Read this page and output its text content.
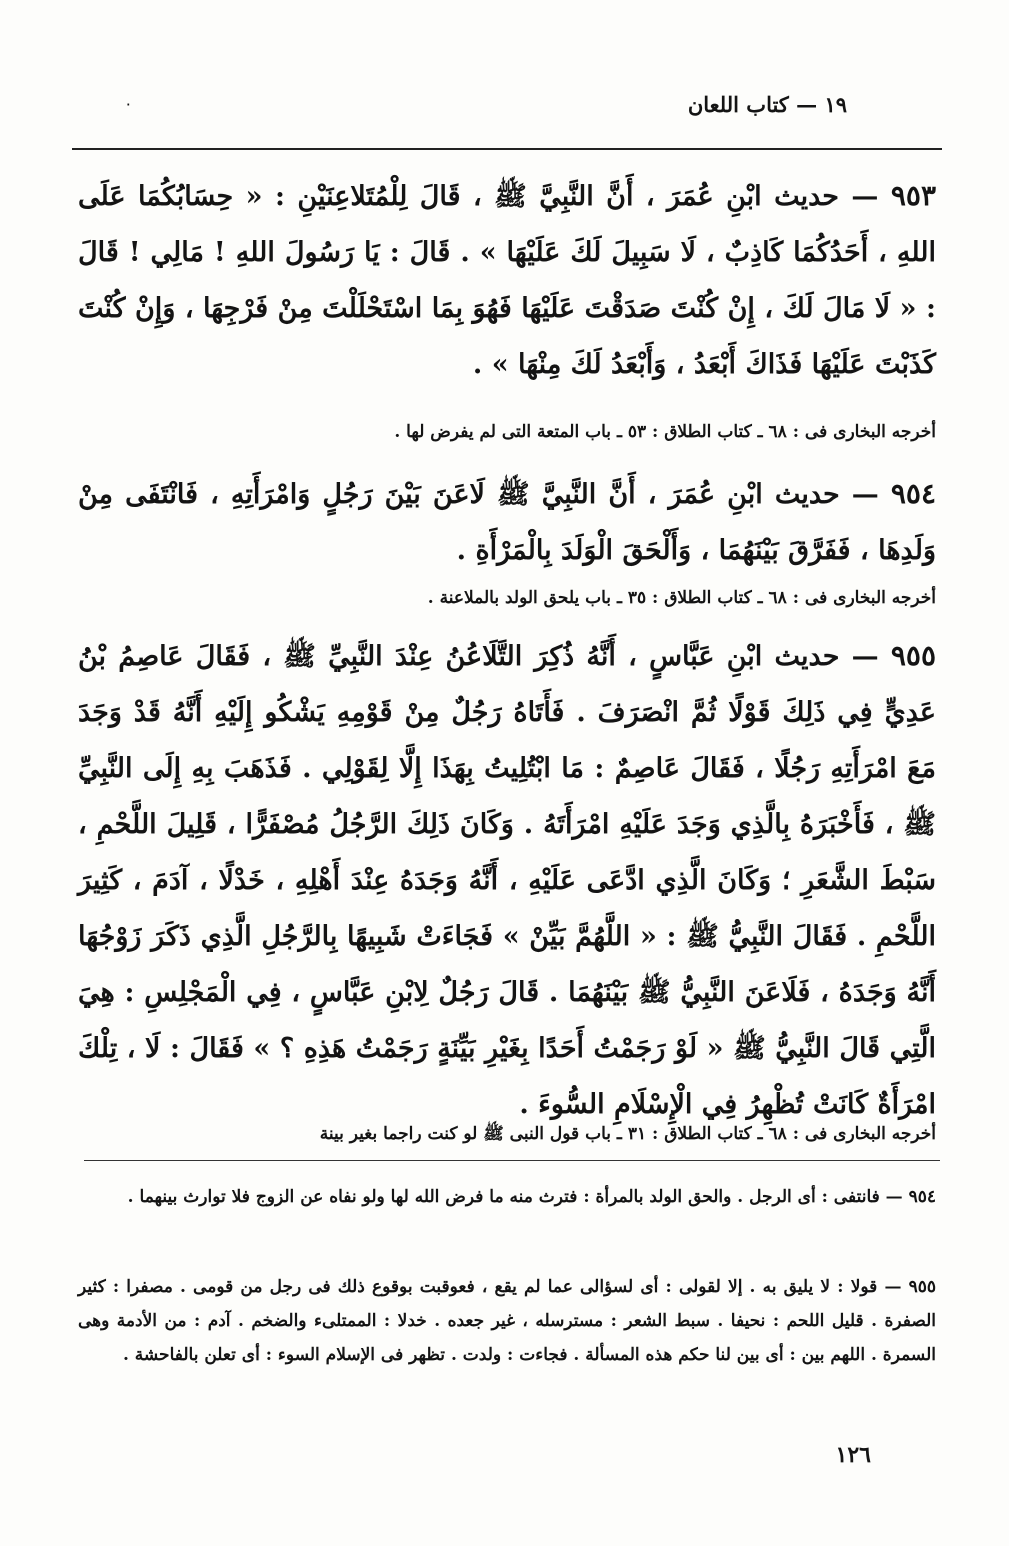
١٩ — كتاب اللعان
٠
٩٥٣ — حديث ابْنِ عُمَرَ ، أَنَّ النَّبِيَّ ﷺ ، قَالَ لِلْمُتَلاعِنَيْنِ : « حِسَابُكُمَا عَلَى اللهِ ، أَحَدُكُمَا كَاذِبٌ ، لَا سَبِيلَ لَكَ عَلَيْهَا » . قَالَ : يَا رَسُولَ اللهِ ! مَالِي ! قَالَ : « لَا مَالَ لَكَ ، إِنْ كُنْتَ صَدَقْتَ عَلَيْهَا فَهُوَ بِمَا اسْتَحْلَلْتَ مِنْ فَرْجِهَا ، وَإِنْ كُنْتَ كَذَبْتَ عَلَيْهَا فَذَاكَ أَبْعَدُ ، وَأَبْعَدُ لَكَ مِنْهَا » .
أخرجه البخارى فى : ٦٨ ـ كتاب الطلاق : ٥٣ ـ باب المتعة التى لم يفرض لها .
٩٥٤ — حديث ابْنِ عُمَرَ ، أَنَّ النَّبِيَّ ﷺ لَاعَنَ بَيْنَ رَجُلٍ وَامْرَأَتِهِ ، فَانْتَفَى مِنْ وَلَدِهَا ، فَفَرَّقَ بَيْنَهُمَا ، وَأَلْحَقَ الْوَلَدَ بِالْمَرْأَةِ .
أخرجه البخارى فى : ٦٨ ـ كتاب الطلاق : ٣٥ ـ باب يلحق الولد بالملاعنة .
٩٥٥ — حديث ابْنِ عَبَّاسٍ ، أَنَّهُ ذُكِرَ التَّلَاعُنُ عِنْدَ النَّبِيِّ ﷺ ، فَقَالَ عَاصِمُ بْنُ عَدِيٍّ فِي ذَلِكَ قَوْلًا ثُمَّ انْصَرَفَ . فَأَتَاهُ رَجُلٌ مِنْ قَوْمِهِ يَشْكُو إِلَيْهِ أَنَّهُ قَدْ وَجَدَ مَعَ امْرَأَتِهِ رَجُلًا ، فَقَالَ عَاصِمٌ : مَا ابْتُلِيتُ بِهَذَا إِلَّا لِقَوْلِي . فَذَهَبَ بِهِ إِلَى النَّبِيِّ ﷺ ، فَأَخْبَرَهُ بِالَّذِي وَجَدَ عَلَيْهِ امْرَأَتَهُ . وَكَانَ ذَلِكَ الرَّجُلُ مُصْفَرًّا ، قَلِيلَ اللَّحْمِ ، سَبْطَ الشَّعَرِ ؛ وَكَانَ الَّذِي ادَّعَى عَلَيْهِ ، أَنَّهُ وَجَدَهُ عِنْدَ أَهْلِهِ ، خَدْلًا ، آدَمَ ، كَثِيرَ اللَّحْمِ . فَقَالَ النَّبِيُّ ﷺ : « اللَّهُمَّ بَيِّنْ » فَجَاءَتْ شَبِيهًا بِالرَّجُلِ الَّذِي ذَكَرَ زَوْجُهَا أَنَّهُ وَجَدَهُ ، فَلَاعَنَ النَّبِيُّ ﷺ بَيْنَهُمَا . قَالَ رَجُلٌ لِابْنِ عَبَّاسٍ ، فِي الْمَجْلِسِ : هِيَ الَّتِي قَالَ النَّبِيُّ ﷺ « لَوْ رَجَمْتُ أَحَدًا بِغَيْرِ بَيِّنَةٍ رَجَمْتُ هَذِهِ ؟ » فَقَالَ : لَا ، تِلْكَ امْرَأَةٌ كَانَتْ تُظْهِرُ فِي الْإِسْلَامِ السُّوءَ .
أخرجه البخارى فى : ٦٨ ـ كتاب الطلاق : ٣١ ـ باب قول النبى ﷺ لو كنت راجما بغير بينة
٩٥٤ — فانتفى : أى الرجل . والحق الولد بالمرأة : فترث منه ما فرض الله لها ولو نفاه عن الزوج فلا توارث بينهما .
٩٥٥ — قولا : لا يليق به . إلا لقولى : أى لسؤالى عما لم يقع ، فعوقبت بوقوع ذلك فى رجل من قومى . مصفرا : كثير الصفرة . قليل اللحم : نحيفا . سبط الشعر : مسترسله ، غير جعده . خدلا : الممتلىء والضخم . آدم : من الأدمة وهى السمرة . اللهم بين : أى بين لنا حكم هذه المسألة . فجاءت : ولدت . تظهر فى الإسلام السوء : أى تعلن بالفاحشة .
١٢٦
